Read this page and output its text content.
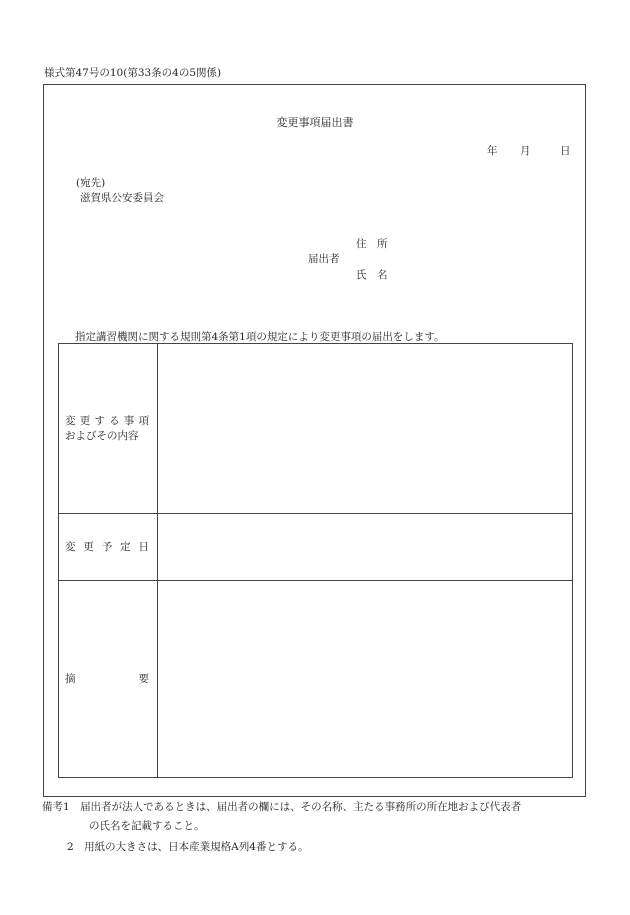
様式第47号の10(第33条の4の5関係)
変更事項届出書
年 月	日
(宛先)
滋賀県公安委員会
住　所
届出者
氏　名
指定講習機関に関する規則第4条第1項の規定により変更事項の届出をします。
変更する事項
およびその内容	

変更予定日	

摘要	

備考1　届出者が法人であるときは、届出者の欄には、その名称、主たる事務所の所在地および代表者
の氏名を記載すること。
2　用紙の大きさは、日本産業規格A列4番とする。
